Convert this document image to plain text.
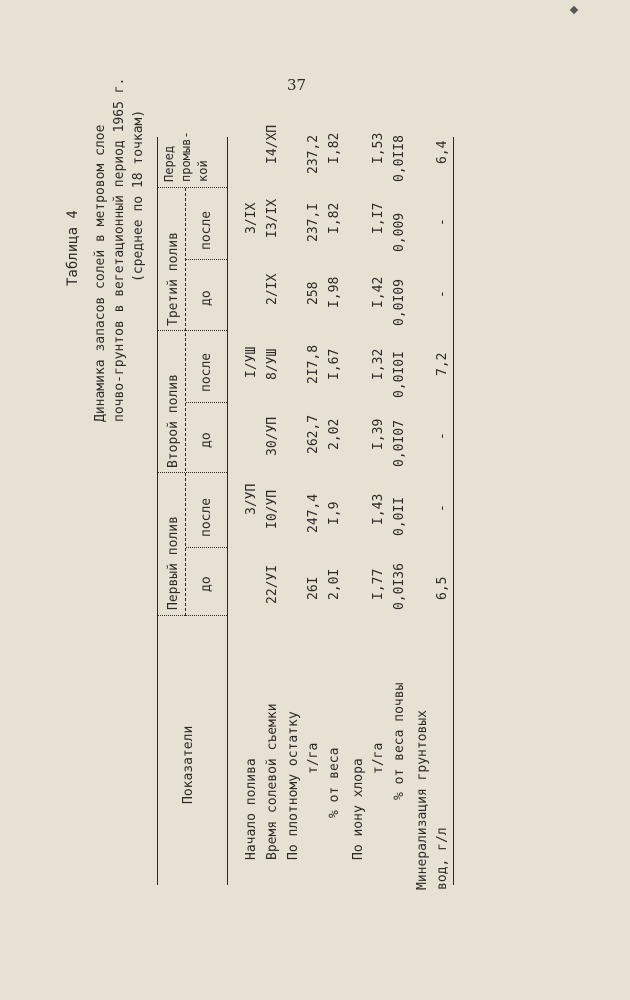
37
Таблица 4 Динамика запасов солей в метровом слое почво-грунтов в вегетационный период 1965 г. (среднее по 18 точкам)
Показатели
Первый полив
Второй полив
Третий полив
до
после
до
после
до
после
Перед промыв- кой
Начало полива Время солевой съемки По плотному остатку т/га % от веса По иону хлора т/га % от веса почвы Минерализация грунтовых вод, г/л
3/УП
I/УШ
3/IX
22/УI
I0/УП
30/УП
8/УШ
2/IX
I3/IX
I4/XП
26I
247,4
262,7
2I7,8
258
237,I
237,2
2,0I
I,9
2,02
I,67
I,98
I,82
I,82
I,77
I,43
I,39
I,32
I,42
I,I7
I,53
0,0I36
0,0II
0,0I07
0,0I0I
0,0I09
0,009
0,0II8
6,5
-
-
7,2
-
-
6,4
